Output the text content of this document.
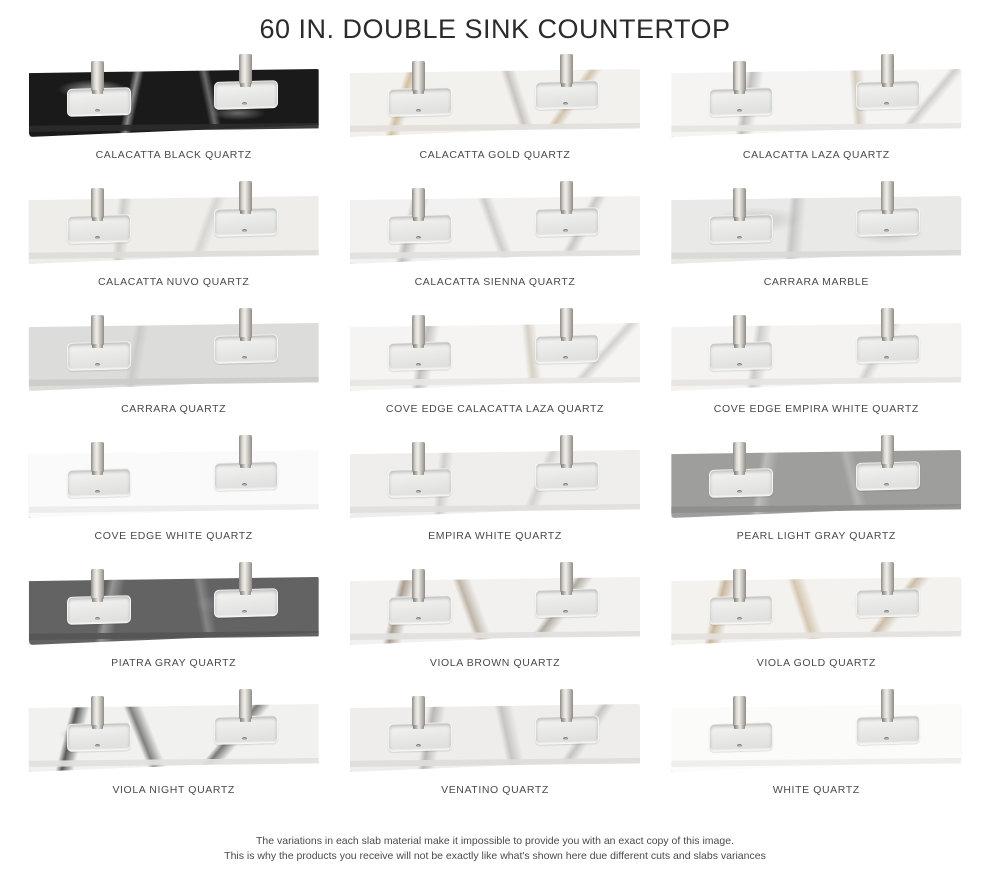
60 IN. DOUBLE SINK COUNTERTOP
CALACATTA BLACK QUARTZ	CALACATTA GOLD QUARTZ	CALACATTA LAZA QUARTZ
CALACATTA NUVO QUARTZ	CALACATTA SIENNA QUARTZ	CARRARA MARBLE
CARRARA QUARTZ	COVE EDGE CALACATTA LAZA QUARTZ	COVE EDGE EMPIRA WHITE QUARTZ
COVE EDGE WHITE QUARTZ	EMPIRA WHITE QUARTZ	PEARL LIGHT GRAY QUARTZ
PIATRA GRAY QUARTZ	VIOLA BROWN QUARTZ	VIOLA GOLD QUARTZ
VIOLA NIGHT QUARTZ	VENATINO QUARTZ	WHITE QUARTZ
The variations in each slab material make it impossible to provide you with an exact copy of this image.
This is why the products you receive will not be exactly like what's shown here due different cuts and slabs variances
